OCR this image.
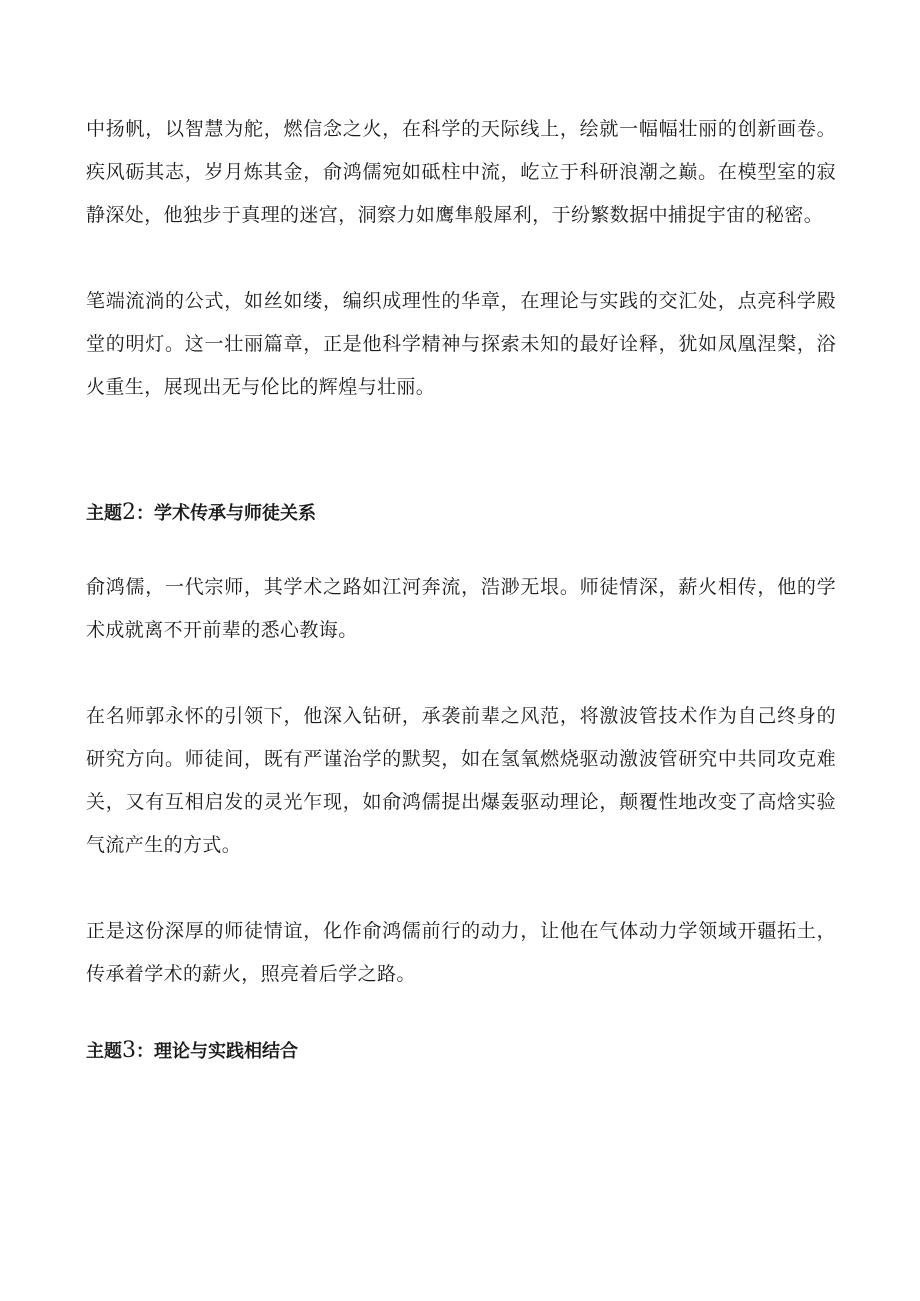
中扬帆，以智慧为舵，燃信念之火，在科学的天际线上，绘就一幅幅壮丽的创新画卷。疾风砺其志，岁月炼其金，俞鸿儒宛如砥柱中流，屹立于科研浪潮之巅。在模型室的寂静深处，他独步于真理的迷宫，洞察力如鹰隼般犀利，于纷繁数据中捕捉宇宙的秘密。

笔端流淌的公式，如丝如缕，编织成理性的华章，在理论与实践的交汇处，点亮科学殿堂的明灯。这一壮丽篇章，正是他科学精神与探索未知的最好诠释，犹如凤凰涅槃，浴火重生，展现出无与伦比的辉煌与壮丽。

主题2：学术传承与师徒关系

俞鸿儒，一代宗师，其学术之路如江河奔流，浩渺无垠。师徒情深，薪火相传，他的学术成就离不开前辈的悉心教诲。

在名师郭永怀的引领下，他深入钻研，承袭前辈之风范，将激波管技术作为自己终身的研究方向。师徒间，既有严谨治学的默契，如在氢氧燃烧驱动激波管研究中共同攻克难关，又有互相启发的灵光乍现，如俞鸿儒提出爆轰驱动理论，颠覆性地改变了高焓实验气流产生的方式。

正是这份深厚的师徒情谊，化作俞鸿儒前行的动力，让他在气体动力学领域开疆拓土，传承着学术的薪火，照亮着后学之路。

主题3：理论与实践相结合
